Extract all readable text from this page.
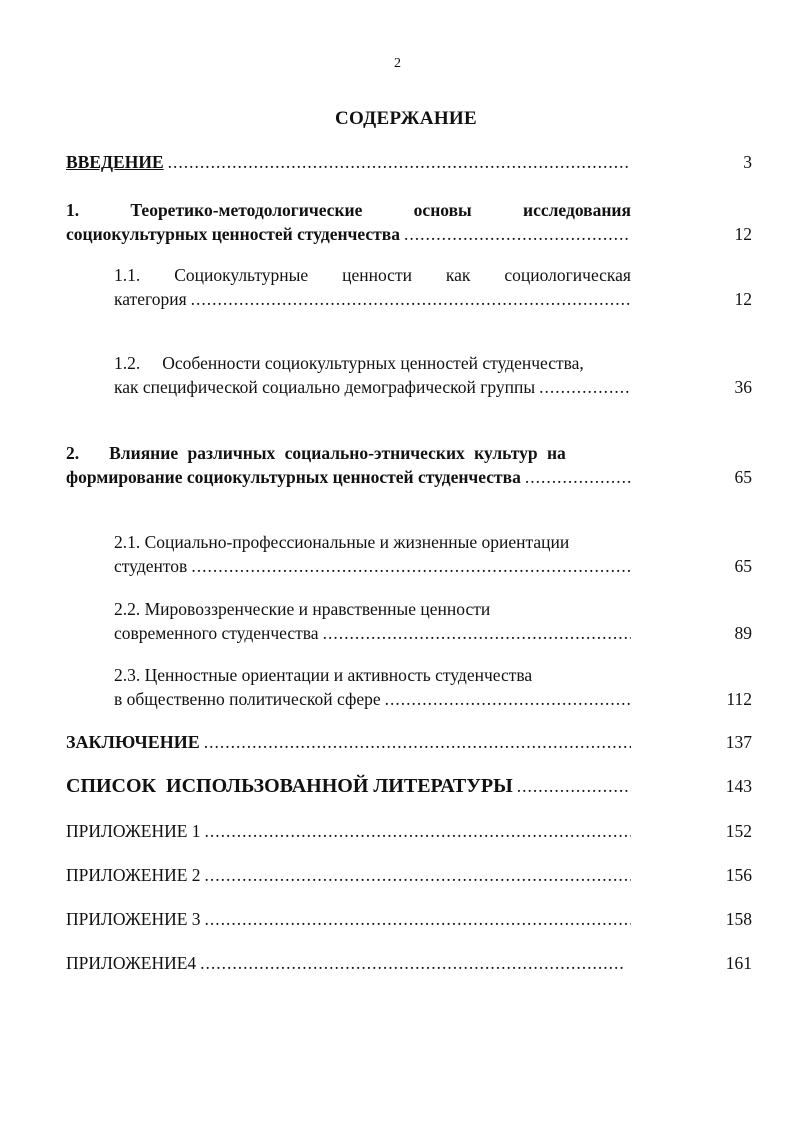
2
СОДЕРЖАНИЕ
ВВЕДЕНИЕ .....	3
1.	Теоретико-методологические	основы	исследования
социокультурных ценностей студенчества .....	12
1.1. Социокультурные ценности как социологическая
категория .....	12
1.2. Особенности социокультурных ценностей студенчества,
как специфической социально демографической группы .....	36
2. Влияние различных социально-этнических культур на
формирование социокультурных ценностей студенчества .....	65
2.1. Социально-профессиональные и жизненные ориентации
студентов .....	65
2.2. Мировоззренческие и нравственные ценности
современного студенчества .....	89
2.3. Ценностные ориентации и активность студенчества
в общественно политической сфере .....	112
ЗАКЛЮЧЕНИЕ .....	137
СПИСОК  ИСПОЛЬЗОВАННОЙ ЛИТЕРАТУРЫ .....	143
ПРИЛОЖЕНИЕ 1 .....	152
ПРИЛОЖЕНИЕ 2 .....	156
ПРИЛОЖЕНИЕ 3 .....	158
ПРИЛОЖЕНИЕ4 .....	161
